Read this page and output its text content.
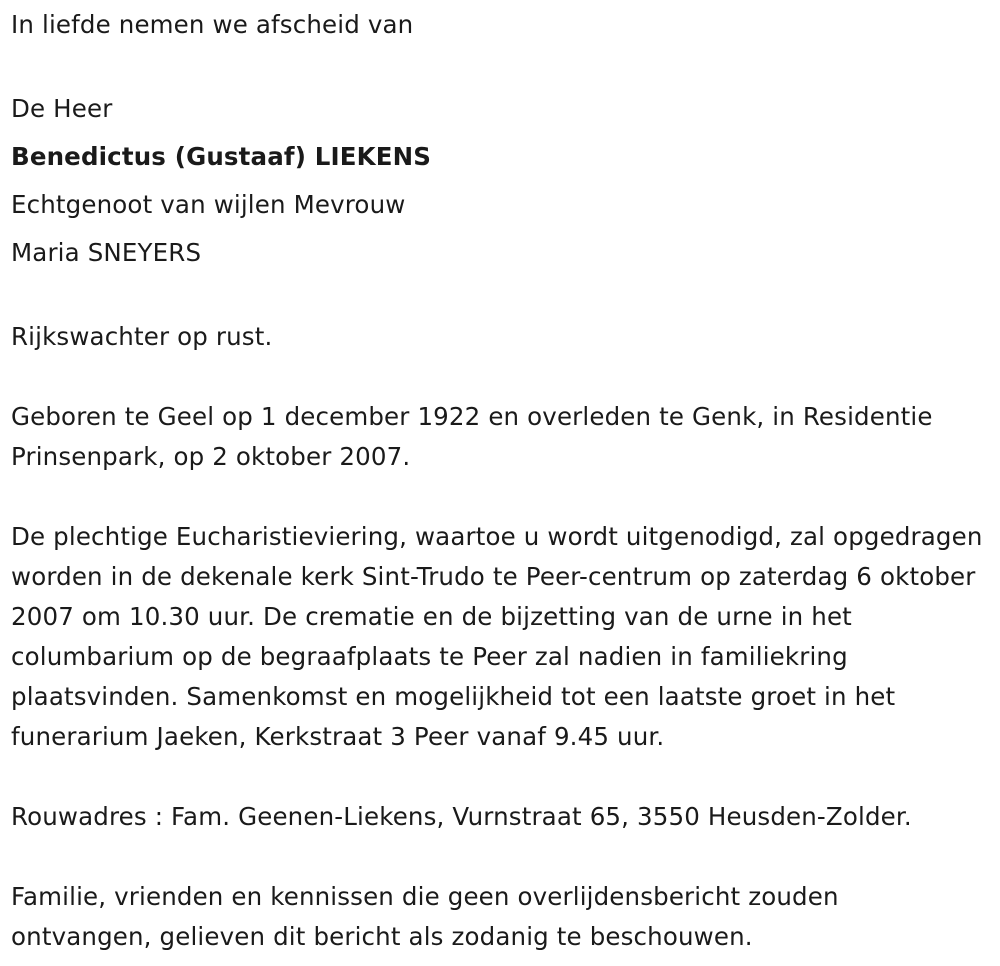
In liefde nemen we afscheid van

De Heer

Benedictus (Gustaaf) LIEKENS

Echtgenoot van wijlen Mevrouw

Maria SNEYERS

Rijkswachter op rust.

Geboren te Geel op 1 december 1922 en overleden te Genk, in Residentie Prinsenpark, op 2 oktober 2007.

De plechtige Eucharistieviering, waartoe u wordt uitgenodigd, zal opgedragen worden in de dekenale kerk Sint-Trudo te Peer-centrum op zaterdag 6 oktober 2007 om 10.30 uur. De crematie en de bijzetting van de urne in het columbarium op de begraafplaats te Peer zal nadien in familiekring plaatsvinden. Samenkomst en mogelijkheid tot een laatste groet in het funerarium Jaeken, Kerkstraat 3 Peer vanaf 9.45 uur.

Rouwadres : Fam. Geenen-Liekens, Vurnstraat 65, 3550 Heusden-Zolder.

Familie, vrienden en kennissen die geen overlijdensbericht zouden ontvangen, gelieven dit bericht als zodanig te beschouwen.
